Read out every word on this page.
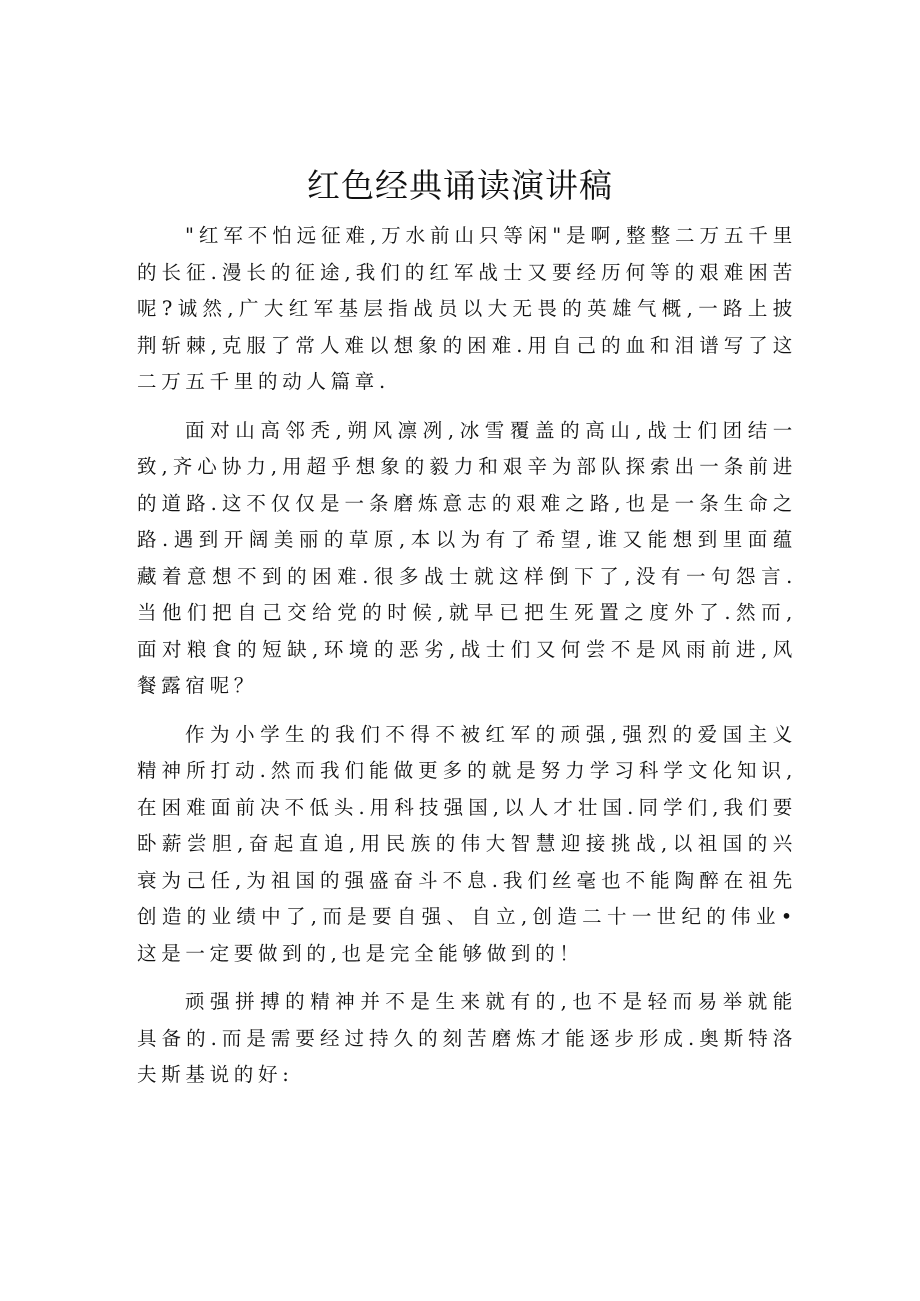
红色经典诵读演讲稿

"红军不怕远征难,万水前山只等闲"是啊,整整二万五千里的长征.漫长的征途,我们的红军战士又要经历何等的艰难困苦呢?诚然,广大红军基层指战员以大无畏的英雄气概,一路上披荆斩棘,克服了常人难以想象的困难.用自己的血和泪谱写了这二万五千里的动人篇章.

面对山高邻秃,朔风凛冽,冰雪覆盖的高山,战士们团结一致,齐心协力,用超乎想象的毅力和艰辛为部队探索出一条前进的道路.这不仅仅是一条磨炼意志的艰难之路,也是一条生命之路.遇到开阔美丽的草原,本以为有了希望,谁又能想到里面蕴藏着意想不到的困难.很多战士就这样倒下了,没有一句怨言.当他们把自己交给党的时候,就早已把生死置之度外了.然而,面对粮食的短缺,环境的恶劣,战士们又何尝不是风雨前进,风餐露宿呢？

作为小学生的我们不得不被红军的顽强,强烈的爱国主义精神所打动.然而我们能做更多的就是努力学习科学文化知识,在困难面前决不低头.用科技强国,以人才壮国.同学们,我们要卧薪尝胆,奋起直追,用民族的伟大智慧迎接挑战,以祖国的兴衰为己任,为祖国的强盛奋斗不息.我们丝毫也不能陶醉在祖先创造的业绩中了,而是要自强、自立,创造二十一世纪的伟业•这是一定要做到的,也是完全能够做到的！

顽强拼搏的精神并不是生来就有的,也不是轻而易举就能具备的.而是需要经过持久的刻苦磨炼才能逐步形成.奥斯特洛夫斯基说的好:
